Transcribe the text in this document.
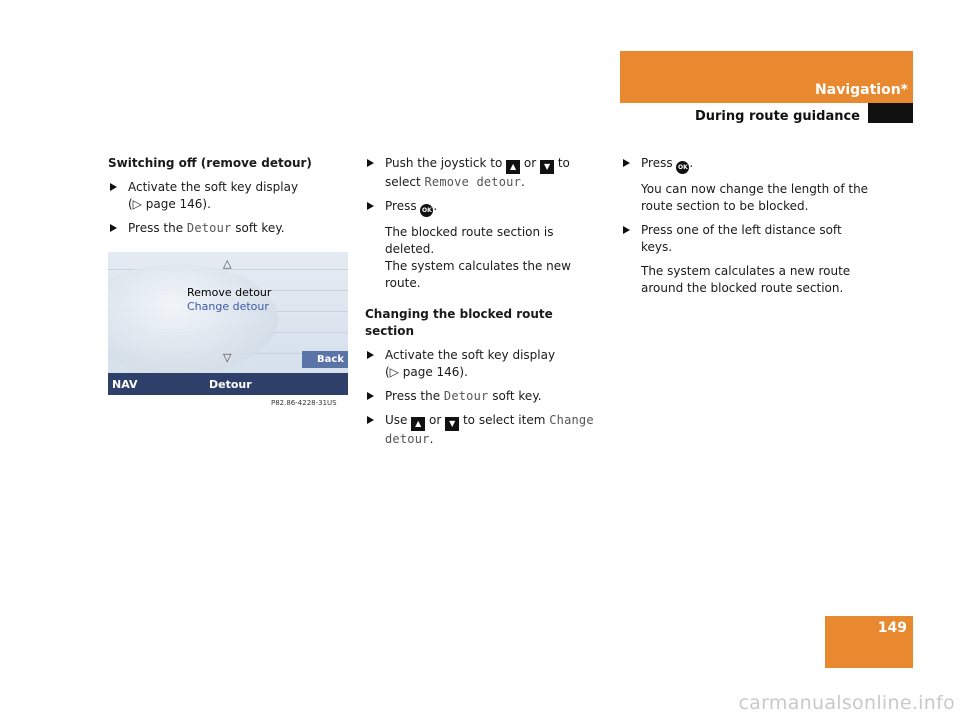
Navigation*
During route guidance
Switching off (remove detour)
Activate the soft key display
(▷ page 146).
Press the Detour soft key.
△
Remove detour
Change detour
▽	Back
NAV	Detour
P82.86-4228-31US
Push the joystick to ▲ or ▼ to
select Remove detour.
Press OK .
The blocked route section is deleted.
The system calculates the new route.
Changing the blocked route section
Activate the soft key display
(▷ page 146).
Press the Detour soft key.
Use ▲ or ▼ to select item Change
detour.
Press OK .
You can now change the length of the
route section to be blocked.
Press one of the left distance soft keys.
The system calculates a new route
around the blocked route section.
149
carmanualsonline.info
